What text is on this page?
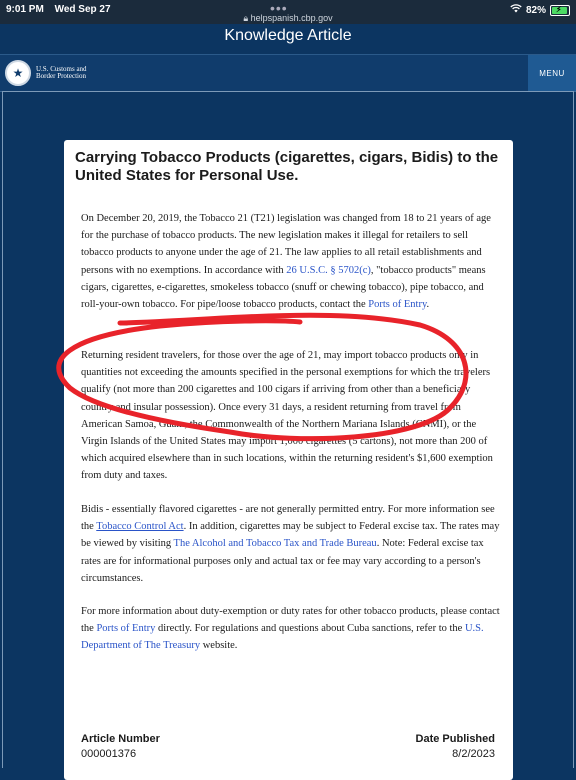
9:01 PM Wed Sep 27	•••
🔒︎ helpspanish.cbp.gov
82% ⚡︎
Knowledge Article
★	U.S. Customs and
Border Protection	MENU
Carrying Tobacco Products (cigarettes, cigars, Bidis) to the United States for Personal Use.
On December 20, 2019, the Tobacco 21 (T21) legislation was changed from 18 to 21 years of age for the purchase of tobacco products. The new legislation makes it illegal for retailers to sell tobacco products to anyone under the age of 21. The law applies to all retail establishments and persons with no exemptions. In accordance with 26 U.S.C. § 5702(c), "tobacco products" means cigars, cigarettes, e-cigarettes, smokeless tobacco (snuff or chewing tobacco), pipe tobacco, and roll-your-own tobacco. For pipe/loose tobacco products, contact the Ports of Entry.
Returning resident travelers, for those over the age of 21, may import tobacco products only in quantities not exceeding the amounts specified in the personal exemptions for which the travelers qualify (not more than 200 cigarettes and 100 cigars if arriving from other than a beneficiary country and insular possession). Once every 31 days, a resident returning from travel from American Samoa, Guam, the Commonwealth of the Northern Mariana Islands (CNMI), or the Virgin Islands of the United States may import 1,000 cigarettes (5 cartons), not more than 200 of which acquired elsewhere than in such locations, within the returning resident's $1,600 exemption from duty and taxes.
Bidis - essentially flavored cigarettes - are not generally permitted entry. For more information see the Tobacco Control Act. In addition, cigarettes may be subject to Federal excise tax. The rates may be viewed by visiting The Alcohol and Tobacco Tax and Trade Bureau. Note: Federal excise tax rates are for informational purposes only and actual tax or fee may vary according to a person's circumstances.
For more information about duty-exemption or duty rates for other tobacco products, please contact the Ports of Entry directly. For regulations and questions about Cuba sanctions, refer to the U.S. Department of The Treasury website.
Article Number
000001376
Date Published
8/2/2023
